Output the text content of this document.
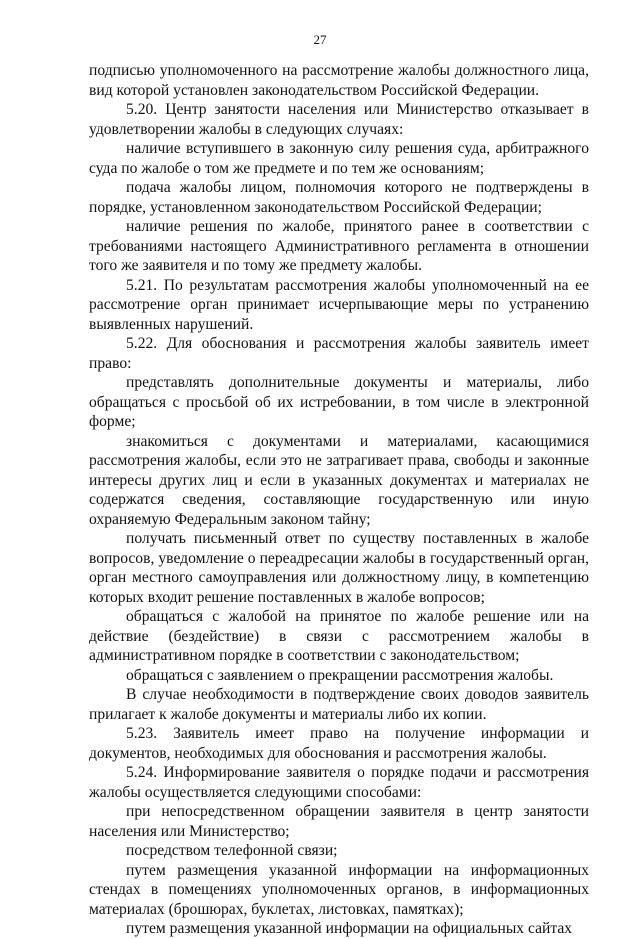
27

подписью уполномоченного на рассмотрение жалобы должностного лица, вид которой установлен законодательством Российской Федерации.

5.20. Центр занятости населения или Министерство отказывает в удовлетворении жалобы в следующих случаях:

наличие вступившего в законную силу решения суда, арбитражного суда по жалобе о том же предмете и по тем же основаниям;

подача жалобы лицом, полномочия которого не подтверждены в порядке, установленном законодательством Российской Федерации;

наличие решения по жалобе, принятого ранее в соответствии с требованиями настоящего Административного регламента в отношении того же заявителя и по тому же предмету жалобы.

5.21. По результатам рассмотрения жалобы уполномоченный на ее рассмотрение орган принимает исчерпывающие меры по устранению выявленных нарушений.

5.22. Для обоснования и рассмотрения жалобы заявитель имеет право:

представлять дополнительные документы и материалы, либо обращаться с просьбой об их истребовании, в том числе в электронной форме;

знакомиться с документами и материалами, касающимися рассмотрения жалобы, если это не затрагивает права, свободы и законные интересы других лиц и если в указанных документах и материалах не содержатся сведения, составляющие государственную или иную охраняемую Федеральным законом тайну;

получать письменный ответ по существу поставленных в жалобе вопросов, уведомление о переадресации жалобы в государственный орган, орган местного самоуправления или должностному лицу, в компетенцию которых входит решение поставленных в жалобе вопросов;

обращаться с жалобой на принятое по жалобе решение или на действие (бездействие) в связи с рассмотрением жалобы в административном порядке в соответствии с законодательством;

обращаться с заявлением о прекращении рассмотрения жалобы.

В случае необходимости в подтверждение своих доводов заявитель прилагает к жалобе документы и материалы либо их копии.

5.23. Заявитель имеет право на получение информации и документов, необходимых для обоснования и рассмотрения жалобы.

5.24. Информирование заявителя о порядке подачи и рассмотрения жалобы осуществляется следующими способами:

при непосредственном обращении заявителя в центр занятости населения или Министерство;

посредством телефонной связи;

путем размещения указанной информации на информационных стендах в помещениях уполномоченных органов, в информационных материалах (брошюрах, буклетах, листовках, памятках);

путем размещения указанной информации на официальных сайтах
